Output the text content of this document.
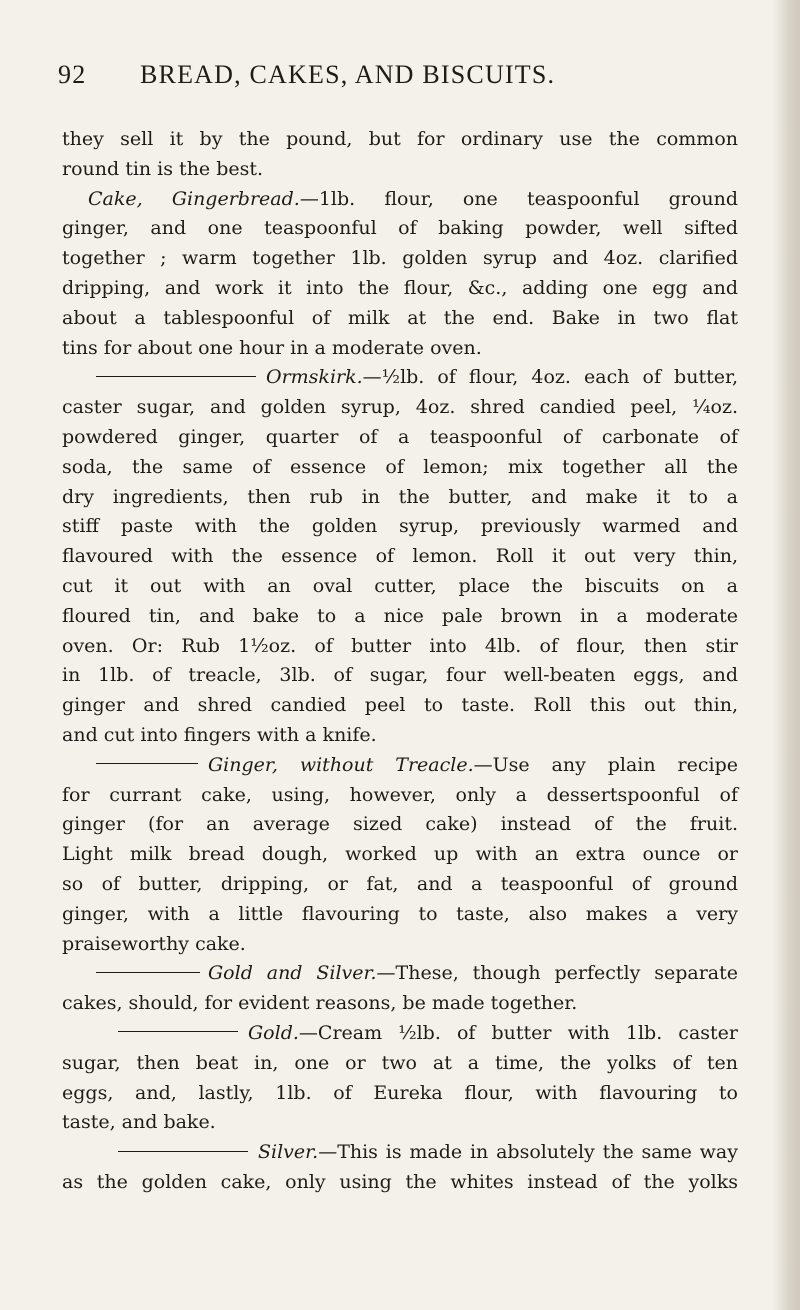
92 BREAD, CAKES, AND BISCUITS.
they sell it by the pound, but for ordinary use the common
round tin is the best.
Cake, Gingerbread.—1lb. flour, one teaspoonful ground
ginger, and one teaspoonful of baking powder, well sifted
together ; warm together 1lb. golden syrup and 4oz. clarified
dripping, and work it into the flour, &c., adding one egg and
about a tablespoonful of milk at the end. Bake in two flat
tins for about one hour in a moderate oven.
Ormskirk.—½lb. of flour, 4oz. each of butter,
caster sugar, and golden syrup, 4oz. shred candied peel, ¼oz.
powdered ginger, quarter of a teaspoonful of carbonate of
soda, the same of essence of lemon; mix together all the
dry ingredients, then rub in the butter, and make it to a
stiff paste with the golden syrup, previously warmed and
flavoured with the essence of lemon. Roll it out very thin,
cut it out with an oval cutter, place the biscuits on a
floured tin, and bake to a nice pale brown in a moderate
oven. Or: Rub 1½oz. of butter into 4lb. of flour, then stir
in 1lb. of treacle, 3lb. of sugar, four well-beaten eggs, and
ginger and shred candied peel to taste. Roll this out thin,
and cut into fingers with a knife.
Ginger, without Treacle.—Use any plain recipe
for currant cake, using, however, only a dessertspoonful of
ginger (for an average sized cake) instead of the fruit.
Light milk bread dough, worked up with an extra ounce or
so of butter, dripping, or fat, and a teaspoonful of ground
ginger, with a little flavouring to taste, also makes a very
praiseworthy cake.
Gold and Silver.—These, though perfectly separate
cakes, should, for evident reasons, be made together.
Gold.—Cream ½lb. of butter with 1lb. caster
sugar, then beat in, one or two at a time, the yolks of ten
eggs, and, lastly, 1lb. of Eureka flour, with flavouring to
taste, and bake.
Silver.—This is made in absolutely the same way
as the golden cake, only using the whites instead of the yolks
